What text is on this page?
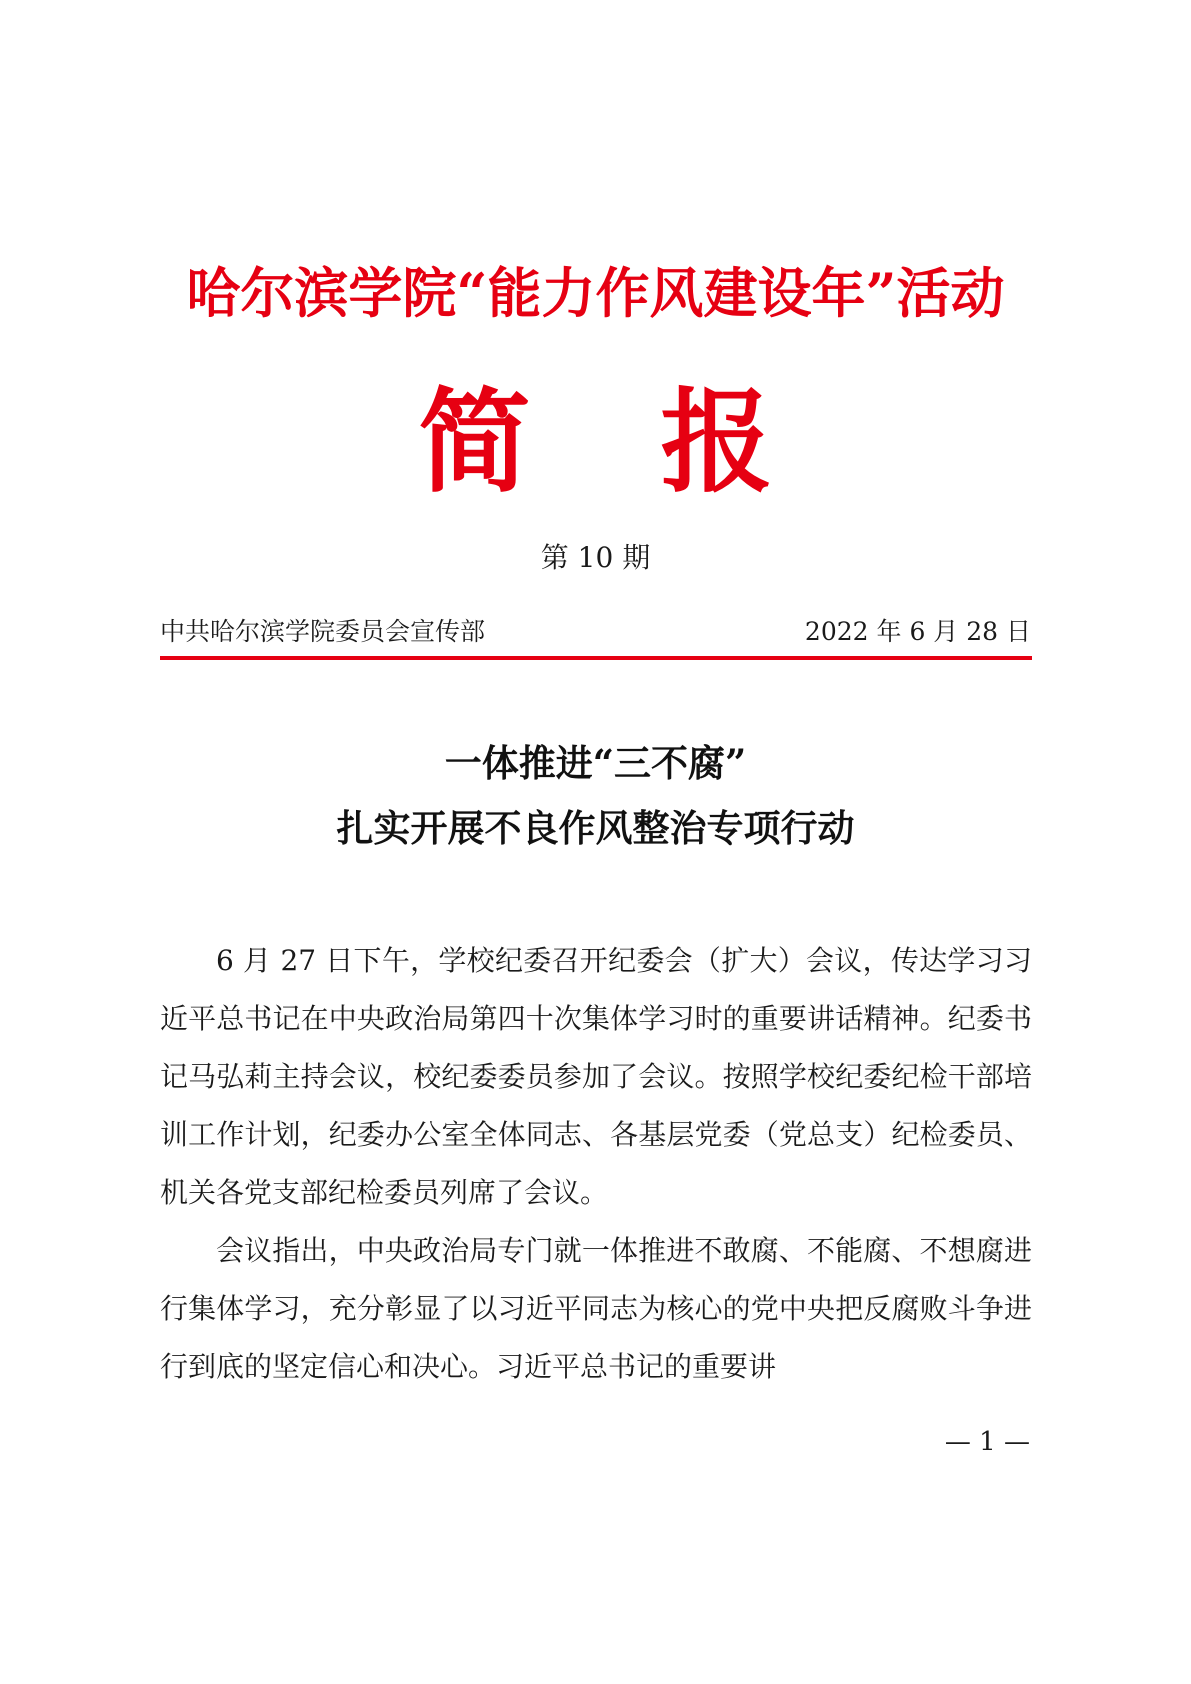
哈尔滨学院“能力作风建设年”活动
简 报
第 10 期
中共哈尔滨学院委员会宣传部	2022 年 6 月 28 日
一体推进“三不腐”
扎实开展不良作风整治专项行动

6 月 27 日下午，学校纪委召开纪委会（扩大）会议，传达学习习近平总书记在中央政治局第四十次集体学习时的重要讲话精神。纪委书记马弘莉主持会议，校纪委委员参加了会议。按照学校纪委纪检干部培训工作计划，纪委办公室全体同志、各基层党委（党总支）纪检委员、机关各党支部纪检委员列席了会议。

会议指出，中央政治局专门就一体推进不敢腐、不能腐、不想腐进行集体学习，充分彰显了以习近平同志为核心的党中央把反腐败斗争进行到底的坚定信心和决心。习近平总书记的重要讲

— 1 —
